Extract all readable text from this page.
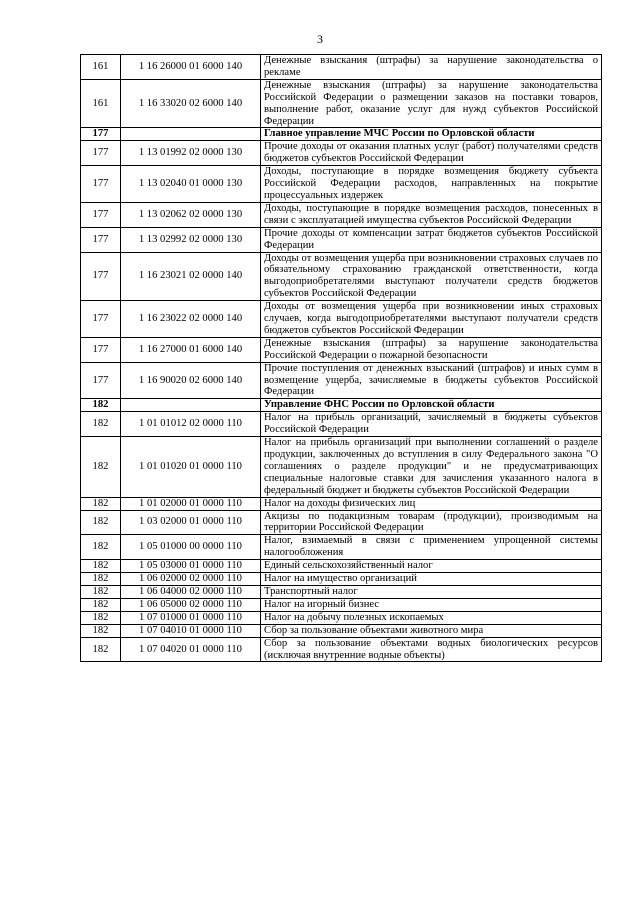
3
161	1 16 26000 01 6000 140	Денежные взыскания (штрафы) за нарушение законодательства о рекламе
161	1 16 33020 02 6000 140	Денежные взыскания (штрафы) за нарушение законодательства Российской Федерации о размещении заказов на поставки товаров, выполнение работ, оказание услуг для нужд субъектов Российской Федерации
177		Главное управление МЧС России по Орловской области
177	1 13 01992 02 0000 130	Прочие доходы от оказания платных услуг (работ) получателями средств бюджетов субъектов Российской Федерации
177	1 13 02040 01 0000 130	Доходы, поступающие в порядке возмещения бюджету субъекта Российской Федерации расходов, направленных на покрытие процессуальных издержек
177	1 13 02062 02 0000 130	Доходы, поступающие в порядке возмещения расходов, понесенных в связи с эксплуатацией имущества субъектов Российской Федерации
177	1 13 02992 02 0000 130	Прочие доходы от компенсации затрат бюджетов субъектов Российской Федерации
177	1 16 23021 02 0000 140	Доходы от возмещения ущерба при возникновении страховых случаев по обязательному страхованию гражданской ответственности, когда выгодоприобретателями выступают получатели средств бюджетов субъектов Российской Федерации
177	1 16 23022 02 0000 140	Доходы от возмещения ущерба при возникновении иных страховых случаев, когда выгодоприобретателями выступают получатели средств бюджетов субъектов Российской Федерации
177	1 16 27000 01 6000 140	Денежные взыскания (штрафы) за нарушение законодательства Российской Федерации о пожарной безопасности
177	1 16 90020 02 6000 140	Прочие поступления от денежных взысканий (штрафов) и иных сумм в возмещение ущерба, зачисляемые в бюджеты субъектов Российской Федерации
182		Управление ФНС России по Орловской области
182	1 01 01012 02 0000 110	Налог на прибыль организаций, зачисляемый в бюджеты субъектов Российской Федерации
182	1 01 01020 01 0000 110	Налог на прибыль организаций при выполнении соглашений о разделе продукции, заключенных до вступления в силу Федерального закона "О соглашениях о разделе продукции" и не предусматривающих специальные налоговые ставки для зачисления указанного налога в федеральный бюджет и бюджеты субъектов Российской Федерации
182	1 01 02000 01 0000 110	Налог на доходы физических лиц
182	1 03 02000 01 0000 110	Акцизы по подакцизным товарам (продукции), производимым на территории Российской Федерации
182	1 05 01000 00 0000 110	Налог, взимаемый в связи с применением упрощенной системы налогообложения
182	1 05 03000 01 0000 110	Единый сельскохозяйственный налог
182	1 06 02000 02 0000 110	Налог на имущество организаций
182	1 06 04000 02 0000 110	Транспортный налог
182	1 06 05000 02 0000 110	Налог на игорный бизнес
182	1 07 01000 01 0000 110	Налог на добычу полезных ископаемых
182	1 07 04010 01 0000 110	Сбор за пользование объектами животного мира
182	1 07 04020 01 0000 110	Сбор за пользование объектами водных биологических ресурсов (исключая внутренние водные объекты)
